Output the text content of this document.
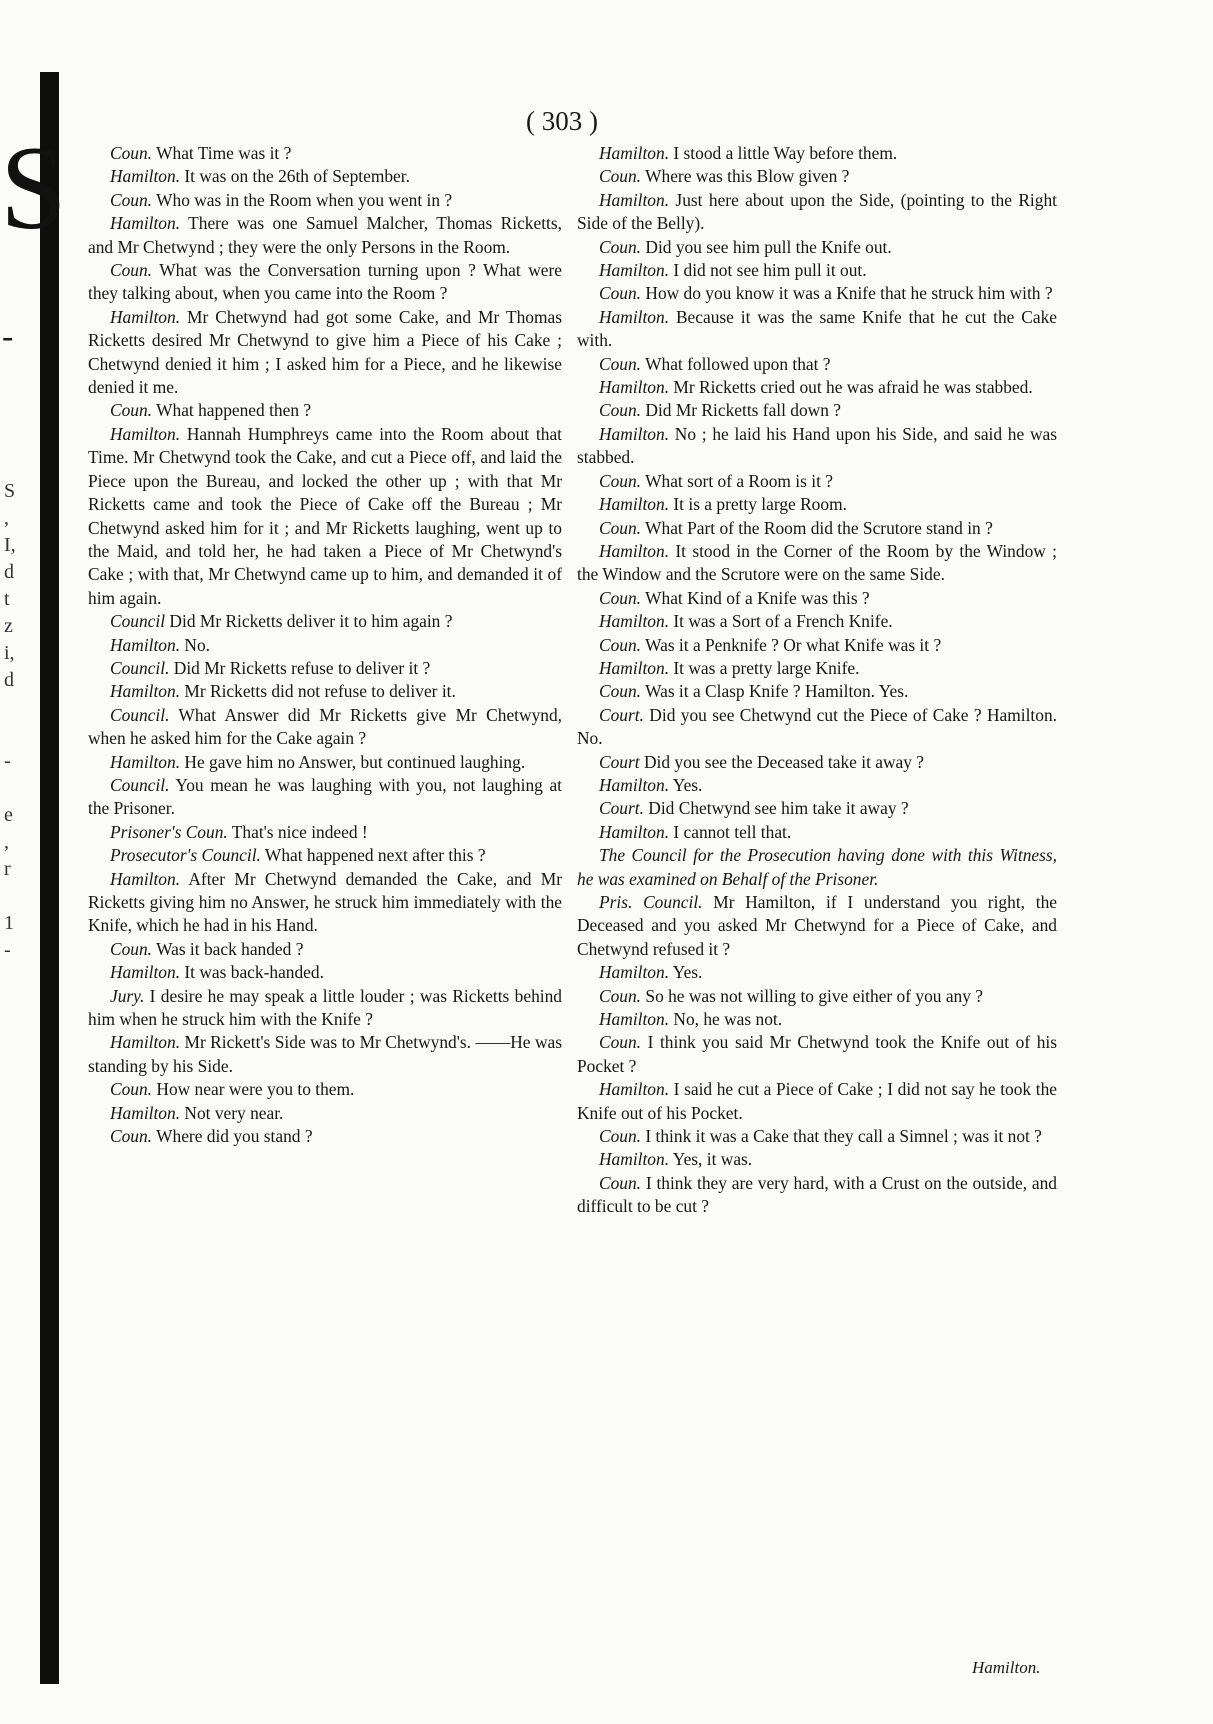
S
-
S
,
I,
d
t
z
i,
d

-

e
,
r

1
-
( 303 )

Coun. What Time was it ?

Hamilton. It was on the 26th of September.

Coun. Who was in the Room when you went in ?

Hamilton. There was one Samuel Malcher, Thomas Ricketts, and Mr Chetwynd ; they were the only Persons in the Room.

Coun. What was the Conversation turning upon ? What were they talking about, when you came into the Room ?

Hamilton. Mr Chetwynd had got some Cake, and Mr Thomas Ricketts desired Mr Chetwynd to give him a Piece of his Cake ; Chetwynd denied it him ; I asked him for a Piece, and he likewise denied it me.

Coun. What happened then ?

Hamilton. Hannah Humphreys came into the Room about that Time. Mr Chetwynd took the Cake, and cut a Piece off, and laid the Piece upon the Bureau, and locked the other up ; with that Mr Ricketts came and took the Piece of Cake off the Bureau ; Mr Chetwynd asked him for it ; and Mr Ricketts laughing, went up to the Maid, and told her, he had taken a Piece of Mr Chetwynd's Cake ; with that, Mr Chetwynd came up to him, and demanded it of him again.

Council Did Mr Ricketts deliver it to him again ?

Hamilton. No.

Council. Did Mr Ricketts refuse to deliver it ?

Hamilton. Mr Ricketts did not refuse to deliver it.

Council. What Answer did Mr Ricketts give Mr Chetwynd, when he asked him for the Cake again ?

Hamilton. He gave him no Answer, but continued laughing.

Council. You mean he was laughing with you, not laughing at the Prisoner.

Prisoner's Coun. That's nice indeed !

Prosecutor's Council. What happened next after this ?

Hamilton. After Mr Chetwynd demanded the Cake, and Mr Ricketts giving him no Answer, he struck him immediately with the Knife, which he had in his Hand.

Coun. Was it back handed ?

Hamilton. It was back-handed.

Jury. I desire he may speak a little louder ; was Ricketts behind him when he struck him with the Knife ?

Hamilton. Mr Rickett's Side was to Mr Chetwynd's. ——He was standing by his Side.

Coun. How near were you to them.

Hamilton. Not very near.

Coun. Where did you stand ?

Hamilton. I stood a little Way before them.

Coun. Where was this Blow given ?

Hamilton. Just here about upon the Side, (pointing to the Right Side of the Belly).

Coun. Did you see him pull the Knife out.

Hamilton. I did not see him pull it out.

Coun. How do you know it was a Knife that he struck him with ?

Hamilton. Because it was the same Knife that he cut the Cake with.

Coun. What followed upon that ?

Hamilton. Mr Ricketts cried out he was afraid he was stabbed.

Coun. Did Mr Ricketts fall down ?

Hamilton. No ; he laid his Hand upon his Side, and said he was stabbed.

Coun. What sort of a Room is it ?

Hamilton. It is a pretty large Room.

Coun. What Part of the Room did the Scrutore stand in ?

Hamilton. It stood in the Corner of the Room by the Window ; the Window and the Scrutore were on the same Side.

Coun. What Kind of a Knife was this ?

Hamilton. It was a Sort of a French Knife.

Coun. Was it a Penknife ? Or what Knife was it ?

Hamilton. It was a pretty large Knife.

Coun. Was it a Clasp Knife ? Hamilton. Yes.

Court. Did you see Chetwynd cut the Piece of Cake ? Hamilton. No.

Court Did you see the Deceased take it away ?

Hamilton. Yes.

Court. Did Chetwynd see him take it away ?

Hamilton. I cannot tell that.

The Council for the Prosecution having done with this Witness, he was examined on Behalf of the Prisoner.

Pris. Council. Mr Hamilton, if I understand you right, the Deceased and you asked Mr Chetwynd for a Piece of Cake, and Chetwynd refused it ?

Hamilton. Yes.

Coun. So he was not willing to give either of you any ?

Hamilton. No, he was not.

Coun. I think you said Mr Chetwynd took the Knife out of his Pocket ?

Hamilton. I said he cut a Piece of Cake ; I did not say he took the Knife out of his Pocket.

Coun. I think it was a Cake that they call a Simnel ; was it not ?

Hamilton. Yes, it was.

Coun. I think they are very hard, with a Crust on the outside, and difficult to be cut ?

Hamilton.
